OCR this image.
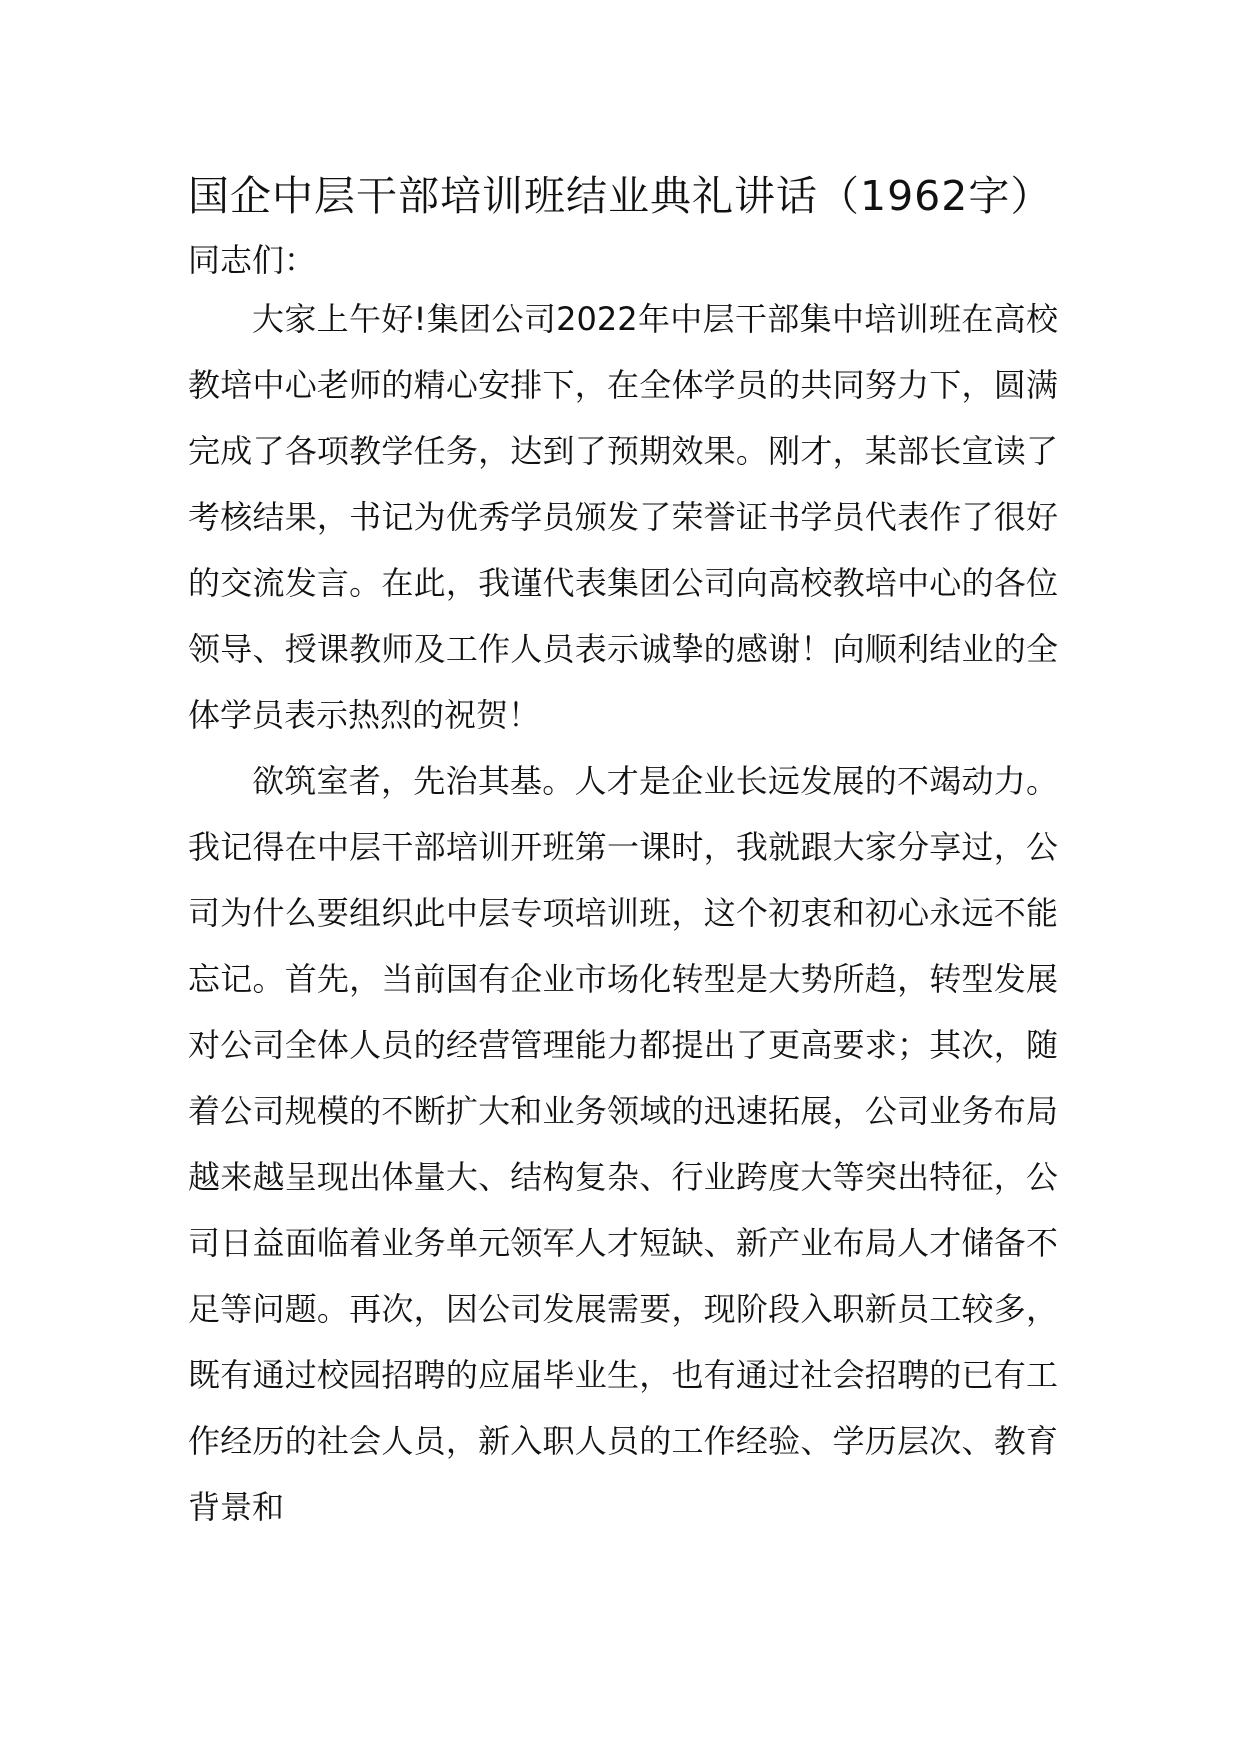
国企中层干部培训班结业典礼讲话（1962字）
同志们：

大家上午好!集团公司2022年中层干部集中培训班在高校教培中心老师的精心安排下，在全体学员的共同努力下，圆满完成了各项教学任务，达到了预期效果。刚才，某部长宣读了考核结果，书记为优秀学员颁发了荣誉证书学员代表作了很好的交流发言。在此，我谨代表集团公司向高校教培中心的各位领导、授课教师及工作人员表示诚挚的感谢！向顺利结业的全体学员表示热烈的祝贺！

欲筑室者，先治其基。人才是企业长远发展的不竭动力。我记得在中层干部培训开班第一课时，我就跟大家分享过，公司为什么要组织此中层专项培训班，这个初衷和初心永远不能忘记。首先，当前国有企业市场化转型是大势所趋，转型发展对公司全体人员的经营管理能力都提出了更高要求；其次，随着公司规模的不断扩大和业务领域的迅速拓展，公司业务布局越来越呈现出体量大、结构复杂、行业跨度大等突出特征，公司日益面临着业务单元领军人才短缺、新产业布局人才储备不足等问题。再次，因公司发展需要，现阶段入职新员工较多，既有通过校园招聘的应届毕业生，也有通过社会招聘的已有工作经历的社会人员，新入职人员的工作经验、学历层次、教育背景和
